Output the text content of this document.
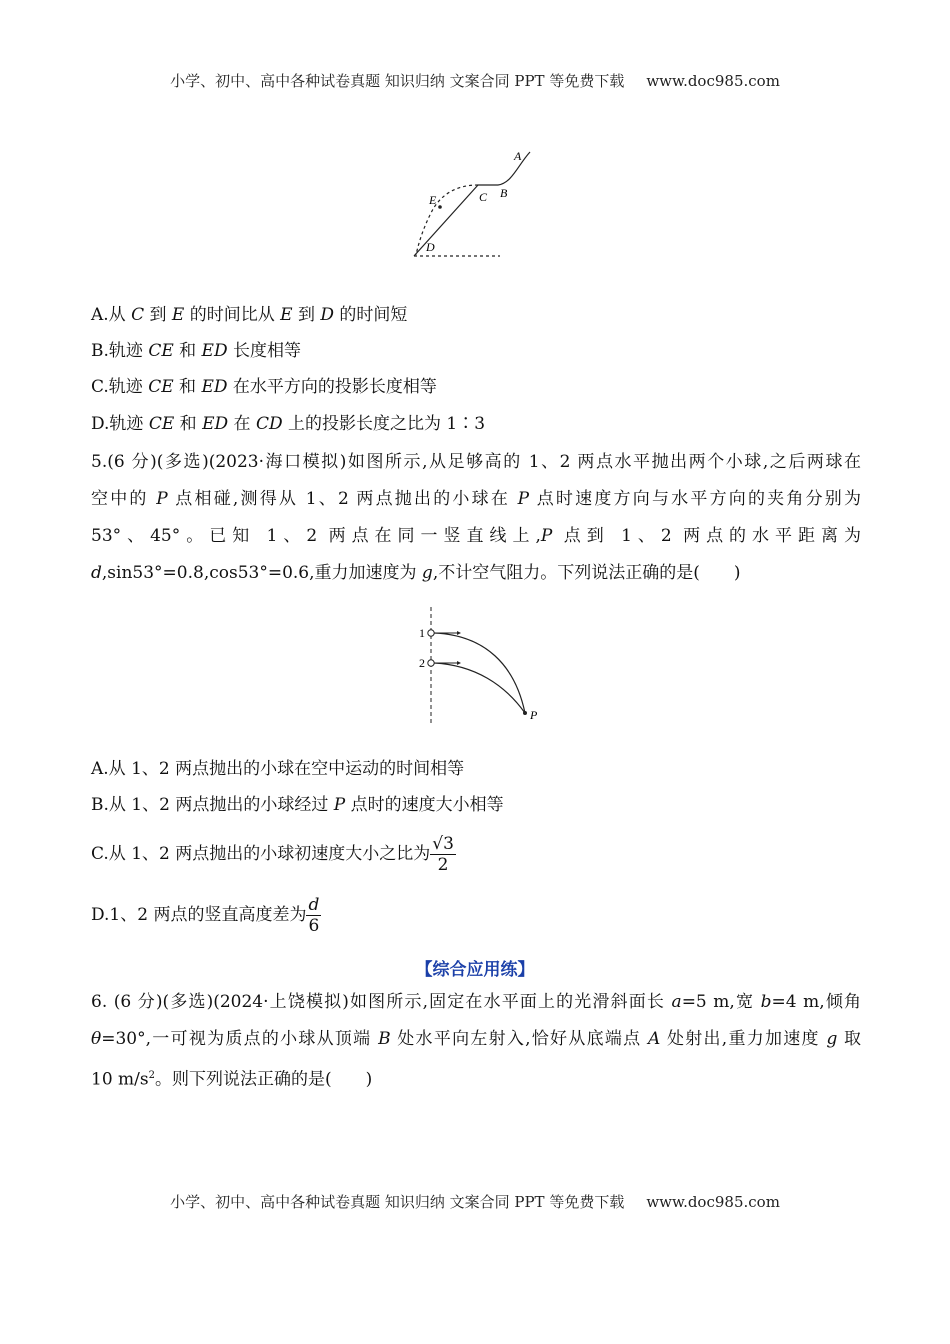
小学、初中、高中各种试卷真题 知识归纳 文案合同 PPT 等免费下载 www.doc985.com
A
B
C
E
D
A.从 C 到 E 的时间比从 E 到 D 的时间短
B.轨迹 CE 和 ED 长度相等
C.轨迹 CE 和 ED 在水平方向的投影长度相等
D.轨迹 CE 和 ED 在 CD 上的投影长度之比为 1∶3
5.(6 分)(多选)(2023·海口模拟)如图所示,从足够高的 1、2 两点水平抛出两个小球,之后两球在
空中的 P 点相碰,测得从 1、2 两点抛出的小球在 P 点时速度方向与水平方向的夹角分别为
53°、45°。已知 1、2 两点在同一竖直线上,P 点到 1、2 两点的水平距离为
d,sin53°=0.8,cos53°=0.6,重力加速度为 g,不计空气阻力。下列说法正确的是(　　)
1
2
P
A.从 1、2 两点抛出的小球在空中运动的时间相等
B.从 1、2 两点抛出的小球经过 P 点时的速度大小相等
C.从 1、2 两点抛出的小球初速度大小之比为 $\frac{√3}{2}$
D.1、2 两点的竖直高度差为 $\frac{d}{6}$
【综合应用练】
6. (6 分)(多选)(2024·上饶模拟)如图所示,固定在水平面上的光滑斜面长 a=5 m,宽 b=4 m,倾角
θ=30°,一可视为质点的小球从顶端 B 处水平向左射入,恰好从底端点 A 处射出,重力加速度 g 取
10 $m/s^2$。则下列说法正确的是(　　)
小学、初中、高中各种试卷真题 知识归纳 文案合同 PPT 等免费下载 www.doc985.com
